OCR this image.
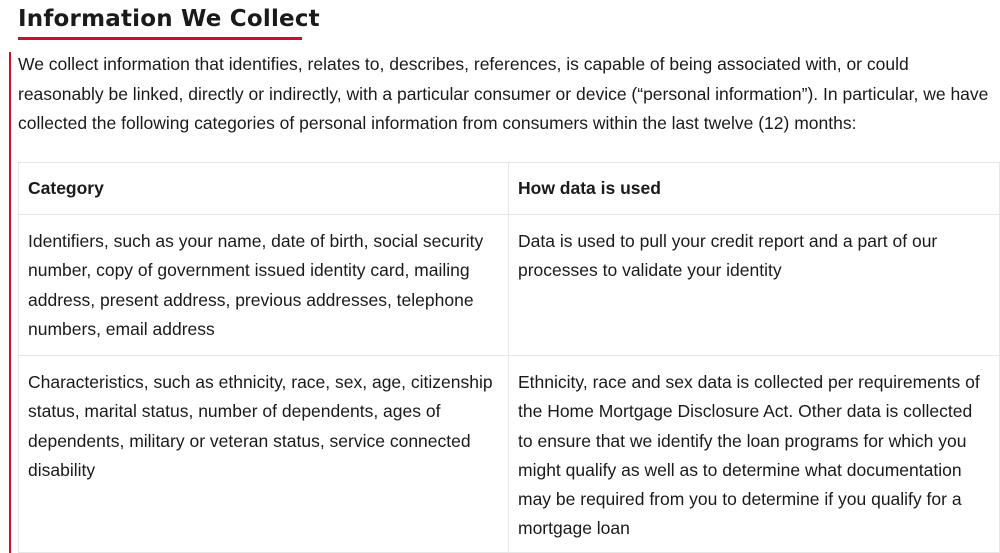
Information We Collect

We collect information that identifies, relates to, describes, references, is capable of being associated with, or could reasonably be linked, directly or indirectly, with a particular consumer or device (“personal information”). In particular, we have collected the following categories of personal information from consumers within the last twelve (12) months:

Category	How data is used
Identifiers, such as your name, date of birth, social security number, copy of government issued identity card, mailing address, present address, previous addresses, telephone numbers, email address	Data is used to pull your credit report and a part of our processes to validate your identity
Characteristics, such as ethnicity, race, sex, age, citizenship status, marital status, number of dependents, ages of dependents, military or veteran status, service connected disability	Ethnicity, race and sex data is collected per requirements of the Home Mortgage Disclosure Act. Other data is collected to ensure that we identify the loan programs for which you might qualify as well as to determine what documentation may be required from you to determine if you qualify for a mortgage loan
